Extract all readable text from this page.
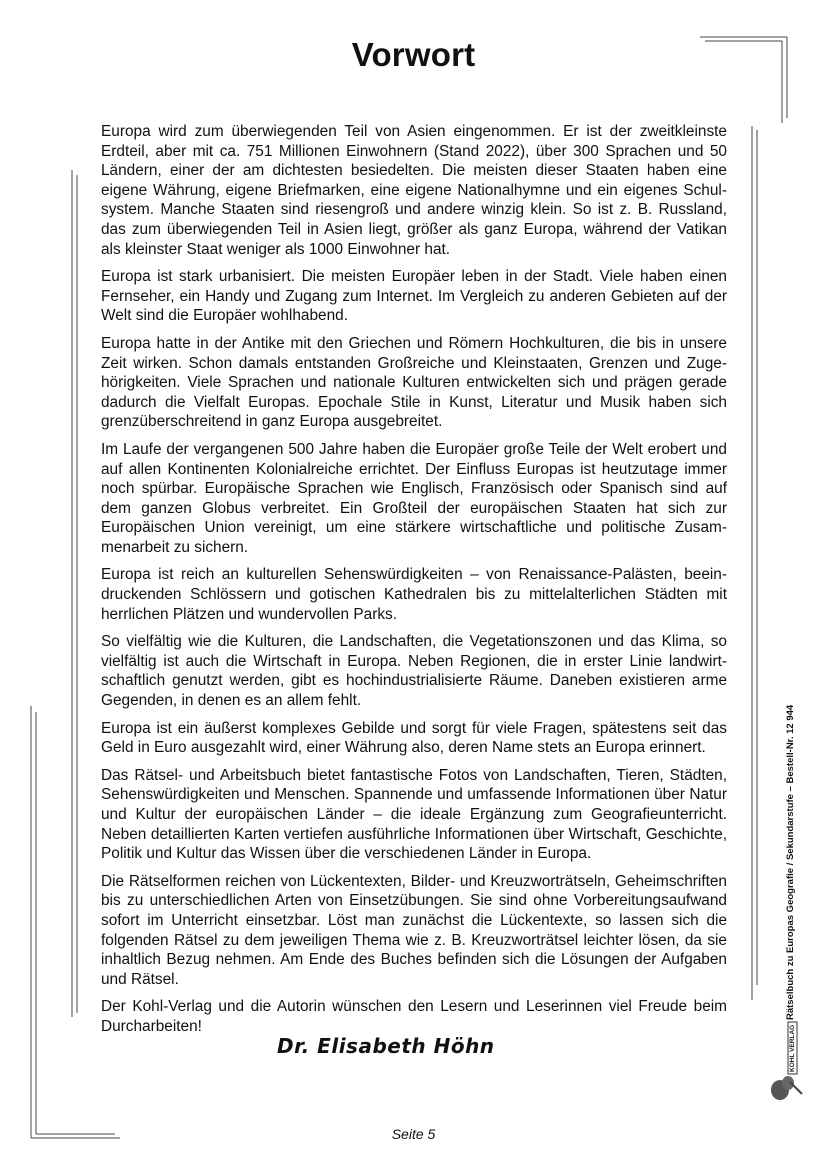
Vorwort

Europa wird zum überwiegenden Teil von Asien eingenommen. Er ist der zweitkleinste Erdteil, aber mit ca. 751 Millionen Einwohnern (Stand 2022), über 300 Sprachen und 50 Ländern, einer der am dichtesten besiedelten. Die meisten dieser Staaten haben eine eigene Währung, eigene Briefmarken, eine eigene Nationalhymne und ein eigenes Schulsystem. Manche Staaten sind riesengroß und andere winzig klein. So ist z. B. Russland, das zum überwiegenden Teil in Asien liegt, größer als ganz Europa, während der Vatikan als kleinster Staat weniger als 1000 Einwohner hat.

Europa ist stark urbanisiert. Die meisten Europäer leben in der Stadt. Viele haben einen Fernseher, ein Handy und Zugang zum Internet. Im Vergleich zu anderen Gebieten auf der Welt sind die Europäer wohlhabend.

Europa hatte in der Antike mit den Griechen und Römern Hochkulturen, die bis in unsere Zeit wirken. Schon damals entstanden Großreiche und Kleinstaaten, Grenzen und Zugehörigkeiten. Viele Sprachen und nationale Kulturen entwickelten sich und prägen gerade dadurch die Vielfalt Europas. Epochale Stile in Kunst, Literatur und Musik haben sich grenzüberschreitend in ganz Europa ausgebreitet.

Im Laufe der vergangenen 500 Jahre haben die Europäer große Teile der Welt erobert und auf allen Kontinenten Kolonialreiche errichtet. Der Einfluss Europas ist heutzutage immer noch spürbar. Europäische Sprachen wie Englisch, Französisch oder Spanisch sind auf dem ganzen Globus verbreitet. Ein Großteil der europäischen Staaten hat sich zur Europäischen Union vereinigt, um eine stärkere wirtschaftliche und politische Zusammenarbeit zu sichern.

Europa ist reich an kulturellen Sehenswürdigkeiten – von Renaissance-Palästen, beeindruckenden Schlössern und gotischen Kathedralen bis zu mittelalterlichen Städten mit herrlichen Plätzen und wundervollen Parks.

So vielfältig wie die Kulturen, die Landschaften, die Vegetationszonen und das Klima, so vielfältig ist auch die Wirtschaft in Europa. Neben Regionen, die in erster Linie landwirtschaftlich genutzt werden, gibt es hochindustrialisierte Räume. Daneben existieren arme Gegenden, in denen es an allem fehlt.

Europa ist ein äußerst komplexes Gebilde und sorgt für viele Fragen, spätestens seit das Geld in Euro ausgezahlt wird, einer Währung also, deren Name stets an Europa erinnert.

Das Rätsel- und Arbeitsbuch bietet fantastische Fotos von Landschaften, Tieren, Städten, Sehenswürdigkeiten und Menschen. Spannende und umfassende Informationen über Natur und Kultur der europäischen Länder – die ideale Ergänzung zum Geografieunterricht. Neben detaillierten Karten vertiefen ausführliche Informationen über Wirtschaft, Geschichte, Politik und Kultur das Wissen über die verschiedenen Länder in Europa.

Die Rätselformen reichen von Lückentexten, Bilder- und Kreuzworträtseln, Geheimschriften bis zu unterschiedlichen Arten von Einsetzübungen. Sie sind ohne Vorbereitungsaufwand sofort im Unterricht einsetzbar. Löst man zunächst die Lückentexte, so lassen sich die folgenden Rätsel zu dem jeweiligen Thema wie z. B. Kreuzworträtsel leichter lösen, da sie inhaltlich Bezug nehmen. Am Ende des Buches befinden sich die Lösungen der Aufgaben und Rätsel.

Der Kohl-Verlag und die Autorin wünschen den Lesern und Leserinnen viel Freude beim Durcharbeiten!

Dr. Elisabeth Höhn
Seite 5
Rätselbuch zu Europas Geografie / Sekundarstufe – Bestell-Nr. 12 944
KOHL VERLAG
